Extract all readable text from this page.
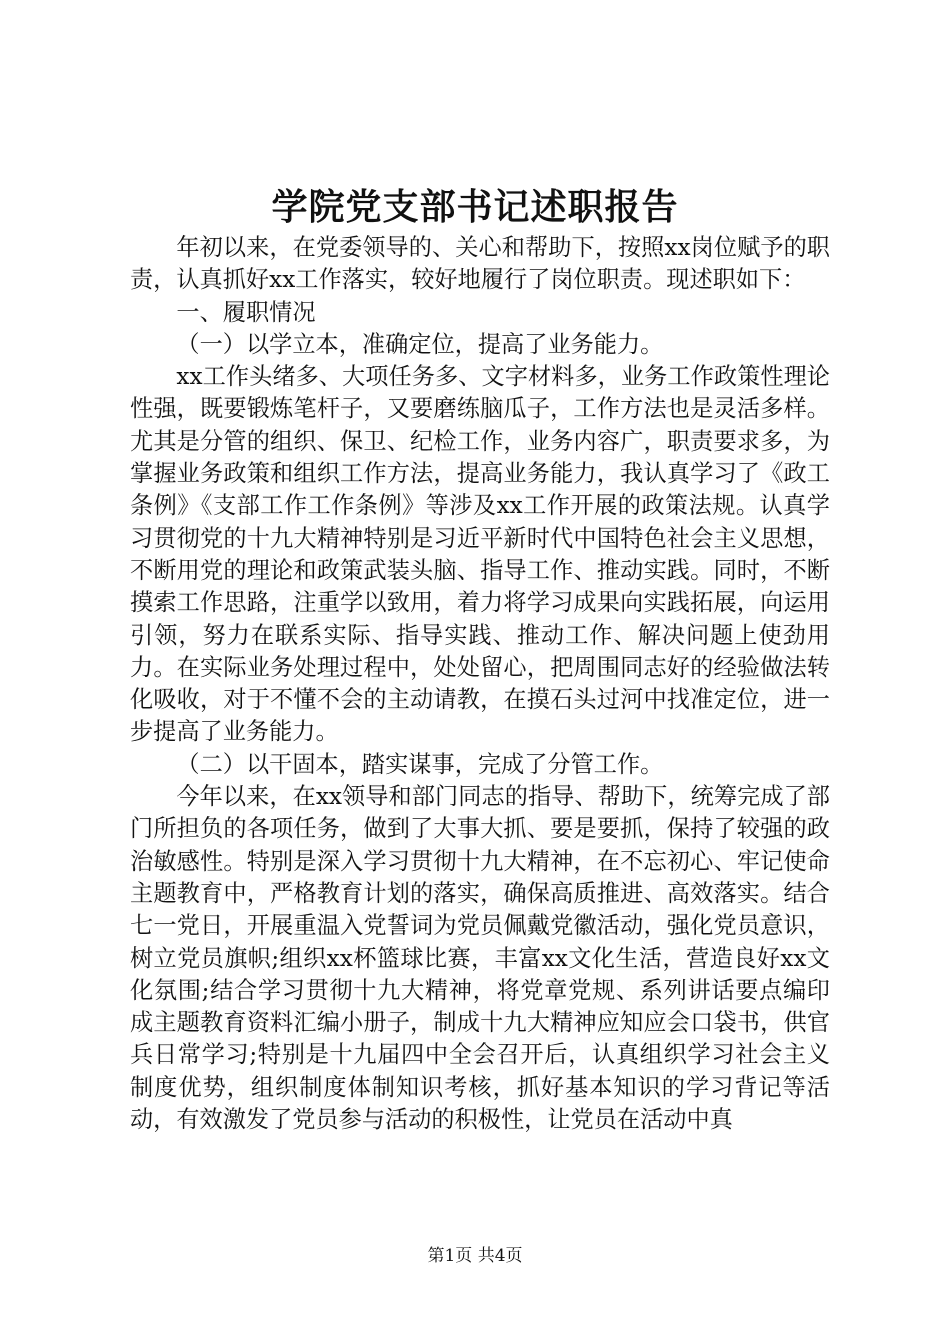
学院党支部书记述职报告

年初以来，在党委领导的、关心和帮助下，按照xx岗位赋予的职责，认真抓好xx工作落实，较好地履行了岗位职责。现述职如下：

一、履职情况

（一）以学立本，准确定位，提高了业务能力。

xx工作头绪多、大项任务多、文字材料多，业务工作政策性理论性强，既要锻炼笔杆子，又要磨练脑瓜子，工作方法也是灵活多样。尤其是分管的组织、保卫、纪检工作，业务内容广，职责要求多，为掌握业务政策和组织工作方法，提高业务能力，我认真学习了《政工条例》《支部工作工作条例》等涉及xx工作开展的政策法规。认真学习贯彻党的十九大精神特别是习近平新时代中国特色社会主义思想，不断用党的理论和政策武装头脑、指导工作、推动实践。同时，不断摸索工作思路，注重学以致用，着力将学习成果向实践拓展，向运用引领，努力在联系实际、指导实践、推动工作、解决问题上使劲用力。在实际业务处理过程中，处处留心，把周围同志好的经验做法转化吸收，对于不懂不会的主动请教，在摸石头过河中找准定位，进一步提高了业务能力。

（二）以干固本，踏实谋事，完成了分管工作。

今年以来，在xx领导和部门同志的指导、帮助下，统筹完成了部门所担负的各项任务，做到了大事大抓、要是要抓，保持了较强的政治敏感性。特别是深入学习贯彻十九大精神，在不忘初心、牢记使命主题教育中，严格教育计划的落实，确保高质推进、高效落实。结合七一党日，开展重温入党誓词为党员佩戴党徽活动，强化党员意识，树立党员旗帜;组织xx杯篮球比赛，丰富xx文化生活，营造良好xx文化氛围;结合学习贯彻十九大精神，将党章党规、系列讲话要点编印成主题教育资料汇编小册子，制成十九大精神应知应会口袋书，供官兵日常学习;特别是十九届四中全会召开后，认真组织学习社会主义制度优势，组织制度体制知识考核，抓好基本知识的学习背记等活动，有效激发了党员参与活动的积极性，让党员在活动中真

第1页 共4页
